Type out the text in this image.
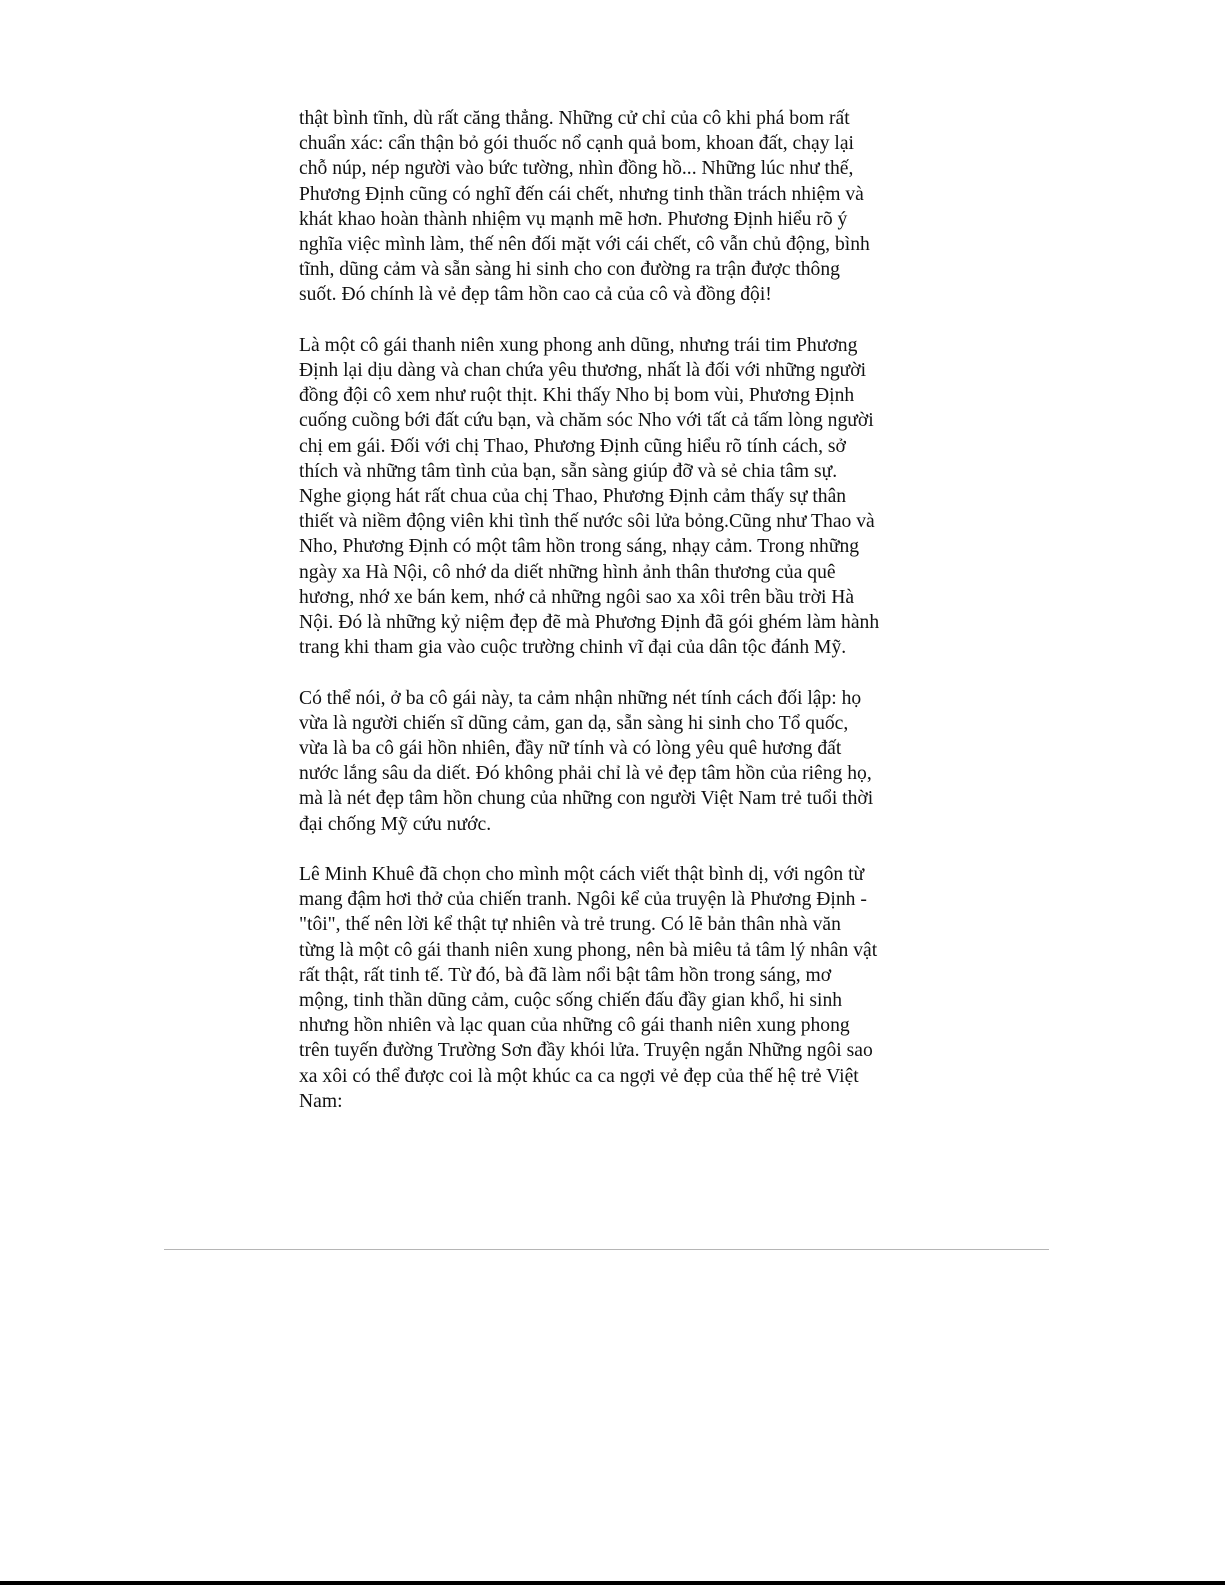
thật bình tĩnh, dù rất căng thẳng. Những cử chỉ của cô khi phá bom rất
chuẩn xác: cẩn thận bỏ gói thuốc nổ cạnh quả bom, khoan đất, chạy lại
chỗ núp, nép người vào bức tường, nhìn đồng hồ... Những lúc như thế,
Phương Định cũng có nghĩ đến cái chết, nhưng tinh thần trách nhiệm và
khát khao hoàn thành nhiệm vụ mạnh mẽ hơn. Phương Định hiểu rõ ý
nghĩa việc mình làm, thế nên đối mặt với cái chết, cô vẫn chủ động, bình
tĩnh, dũng cảm và sẵn sàng hi sinh cho con đường ra trận được thông
suốt. Đó chính là vẻ đẹp tâm hồn cao cả của cô và đồng đội!

Là một cô gái thanh niên xung phong anh dũng, nhưng trái tim Phương
Định lại dịu dàng và chan chứa yêu thương, nhất là đối với những người
đồng đội cô xem như ruột thịt. Khi thấy Nho bị bom vùi, Phương Định
cuống cuồng bới đất cứu bạn, và chăm sóc Nho với tất cả tấm lòng người
chị em gái. Đối với chị Thao, Phương Định cũng hiểu rõ tính cách, sở
thích và những tâm tình của bạn, sẵn sàng giúp đỡ và sẻ chia tâm sự.
Nghe giọng hát rất chua của chị Thao, Phương Định cảm thấy sự thân
thiết và niềm động viên khi tình thế nước sôi lửa bỏng.Cũng như Thao và
Nho, Phương Định có một tâm hồn trong sáng, nhạy cảm. Trong những
ngày xa Hà Nội, cô nhớ da diết những hình ảnh thân thương của quê
hương, nhớ xe bán kem, nhớ cả những ngôi sao xa xôi trên bầu trời Hà
Nội. Đó là những kỷ niệm đẹp đẽ mà Phương Định đã gói ghém làm hành
trang khi tham gia vào cuộc trường chinh vĩ đại của dân tộc đánh Mỹ.

Có thể nói, ở ba cô gái này, ta cảm nhận những nét tính cách đối lập: họ
vừa là người chiến sĩ dũng cảm, gan dạ, sẵn sàng hi sinh cho Tổ quốc,
vừa là ba cô gái hồn nhiên, đầy nữ tính và có lòng yêu quê hương đất
nước lắng sâu da diết. Đó không phải chỉ là vẻ đẹp tâm hồn của riêng họ,
mà là nét đẹp tâm hồn chung của những con người Việt Nam trẻ tuổi thời
đại chống Mỹ cứu nước.

Lê Minh Khuê đã chọn cho mình một cách viết thật bình dị, với ngôn từ
mang đậm hơi thở của chiến tranh. Ngôi kể của truyện là Phương Định -
"tôi", thế nên lời kể thật tự nhiên và trẻ trung. Có lẽ bản thân nhà văn
từng là một cô gái thanh niên xung phong, nên bà miêu tả tâm lý nhân vật
rất thật, rất tinh tế. Từ đó, bà đã làm nổi bật tâm hồn trong sáng, mơ
mộng, tinh thần dũng cảm, cuộc sống chiến đấu đầy gian khổ, hi sinh
nhưng hồn nhiên và lạc quan của những cô gái thanh niên xung phong
trên tuyến đường Trường Sơn đầy khói lửa. Truyện ngắn Những ngôi sao
xa xôi có thể được coi là một khúc ca ca ngợi vẻ đẹp của thế hệ trẻ Việt
Nam:
